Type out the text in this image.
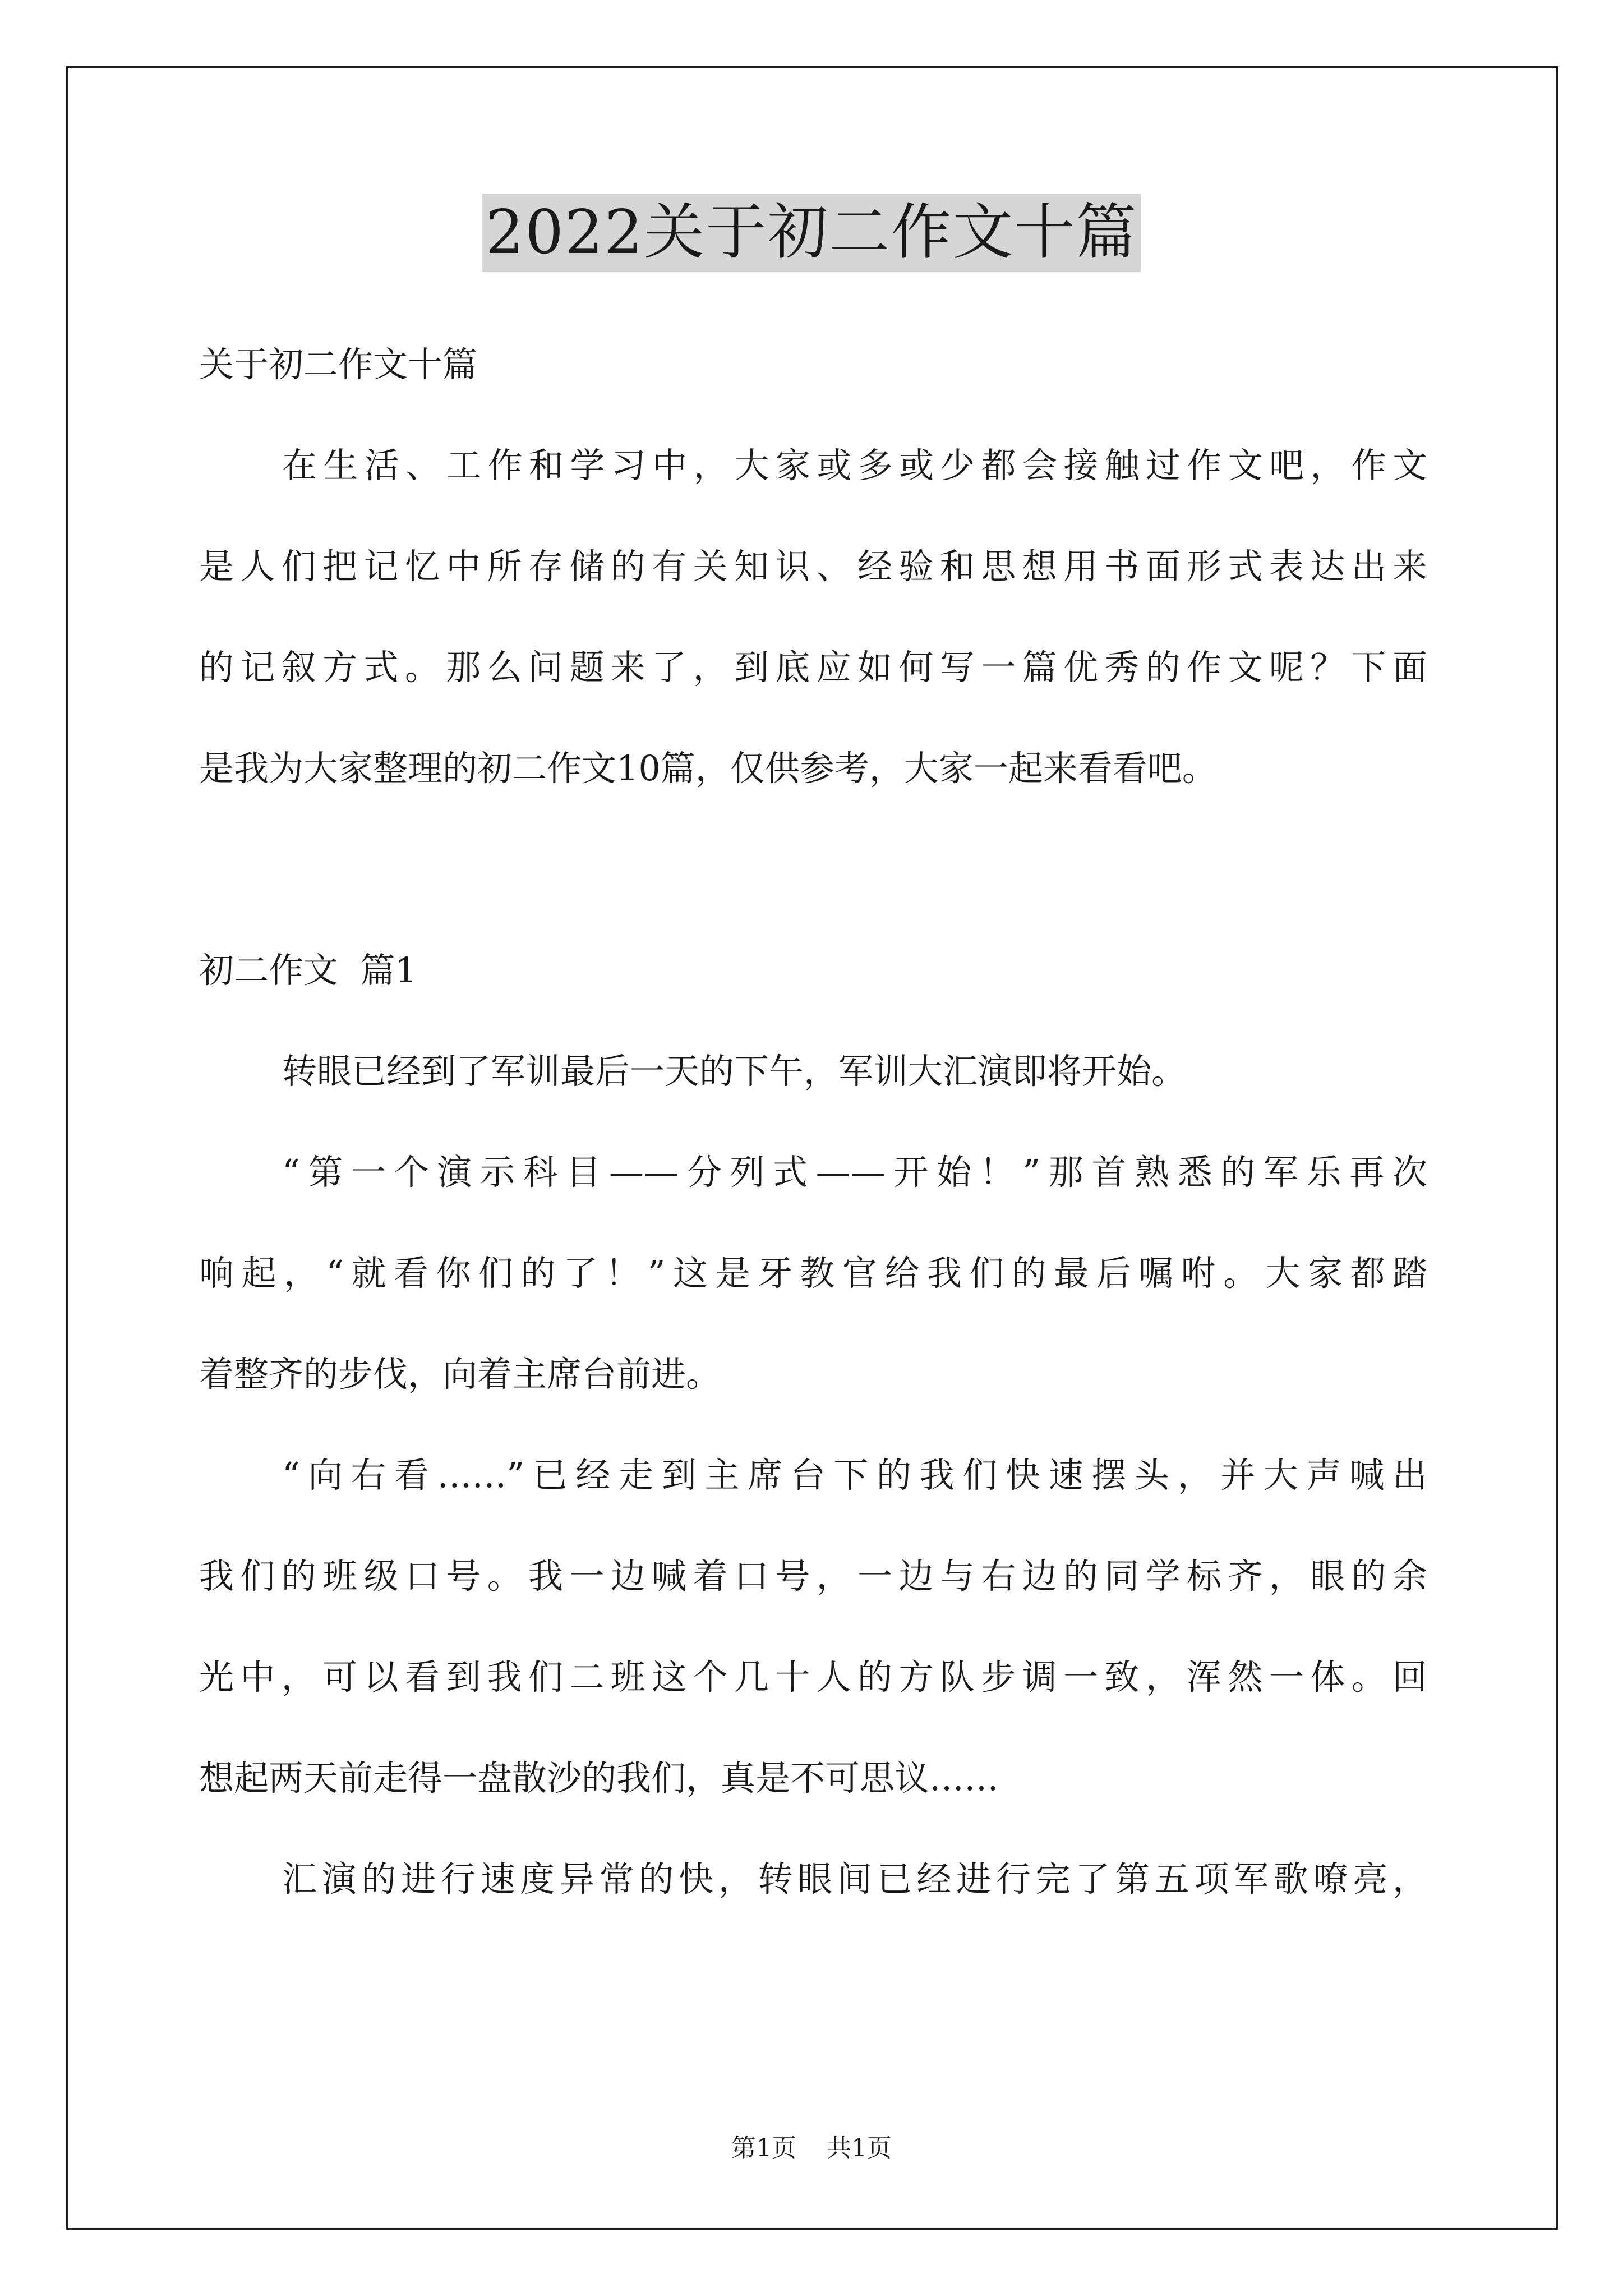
2022关于初二作文十篇
关于初二作文十篇
在生活、工作和学习中，大家或多或少都会接触过作文吧，作文
是人们把记忆中所存储的有关知识、经验和思想用书面形式表达出来
的记叙方式。那么问题来了，到底应如何写一篇优秀的作文呢？下面
是我为大家整理的初二作文10篇，仅供参考，大家一起来看看吧。
初二作文  篇1
转眼已经到了军训最后一天的下午，军训大汇演即将开始。
“第一个演示科目——分列式——开始！”那首熟悉的军乐再次
响起，“就看你们的了！”这是牙教官给我们的最后嘱咐。大家都踏
着整齐的步伐，向着主席台前进。
“向右看……”已经走到主席台下的我们快速摆头，并大声喊出
我们的班级口号。我一边喊着口号，一边与右边的同学标齐，眼的余
光中，可以看到我们二班这个几十人的方队步调一致，浑然一体。回
想起两天前走得一盘散沙的我们，真是不可思议……
汇演的进行速度异常的快，转眼间已经进行完了第五项军歌嘹亮，
第1页 共1页
